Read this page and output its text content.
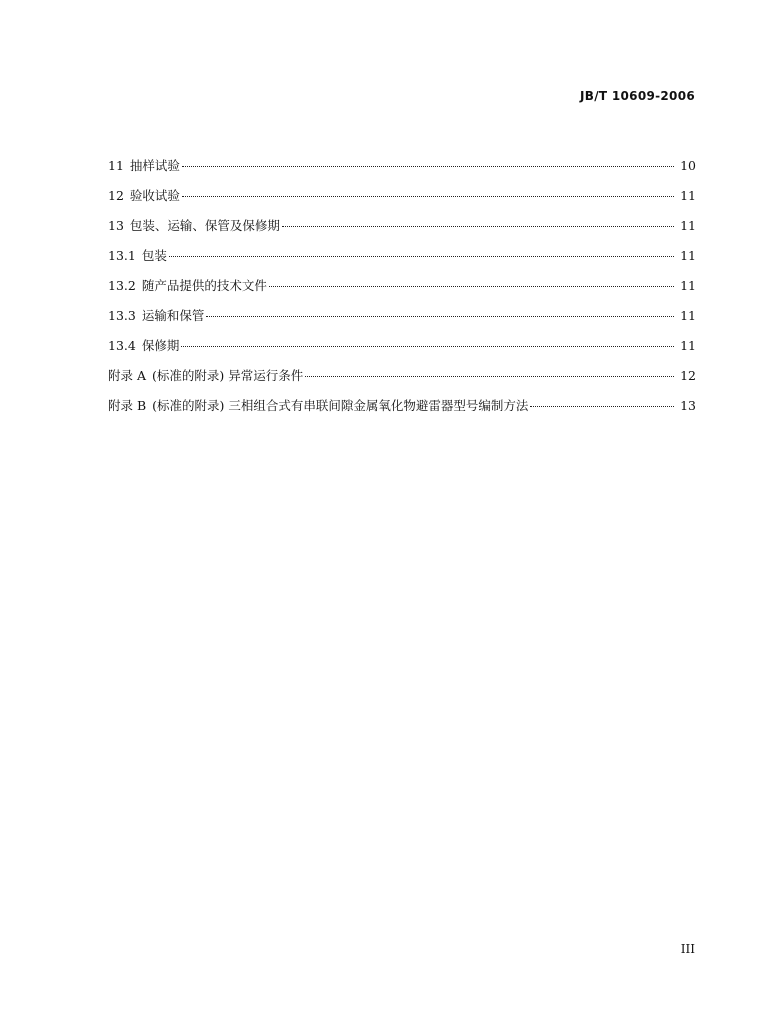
JB/T 10609-2006
11 抽样试验	10
12 验收试验	11
13 包装、运输、保管及保修期	11
13.1 包装	11
13.2 随产品提供的技术文件	11
13.3 运输和保管	11
13.4 保修期	11
附录 A (标准的附录) 异常运行条件	12
附录 B (标准的附录) 三相组合式有串联间隙金属氧化物避雷器型号编制方法	13
III
